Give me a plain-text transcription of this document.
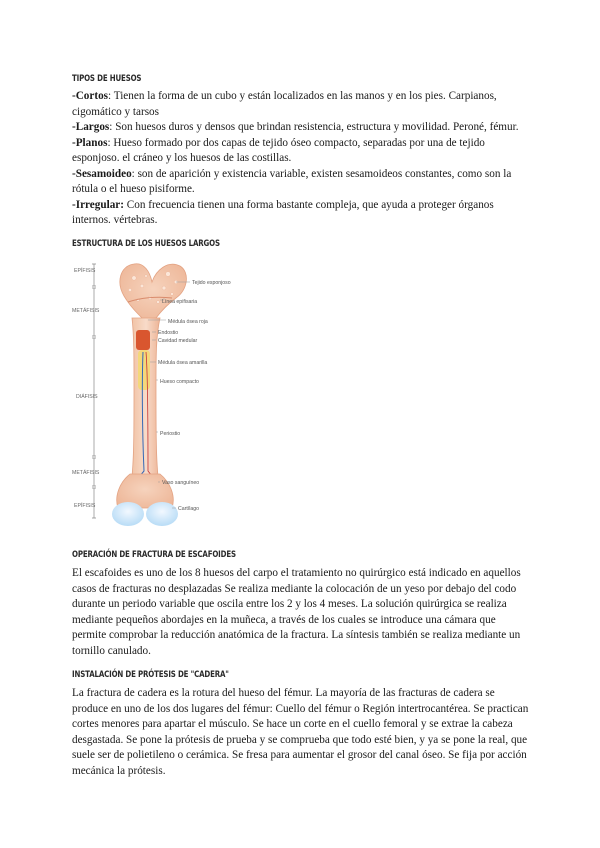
TIPOS DE HUESOS
-Cortos: Tienen la forma de un cubo y están localizados en las manos y en los pies. Carpianos, cigomático y tarsos
-Largos: Son huesos duros y densos que brindan resistencia, estructura y movilidad. Peroné, fémur.
-Planos: Hueso formado por dos capas de tejido óseo compacto, separadas por una de tejido esponjoso. el cráneo y los huesos de las costillas.
-Sesamoideo: son de aparición y existencia variable, existen sesamoideos constantes, como son la rótula o el hueso pisiforme.
-Irregular: Con frecuencia tienen una forma bastante compleja, que ayuda a proteger órganos internos. vértebras.
ESTRUCTURA DE LOS HUESOS LARGOS
EPÍFISIS
METÁFISIS
DIÁFISIS
METÁFISIS
EPÍFISIS
Tejido esponjoso
Línea epifisaria
Médula ósea roja
Endostio
Cavidad medular
Médula ósea amarilla
Hueso compacto
Periostio
Vaso sanguíneo
Cartílago
OPERACIÓN DE FRACTURA DE ESCAFOIDES

El escafoides es uno de los 8 huesos del carpo el tratamiento no quirúrgico está indicado en aquellos casos de fracturas no desplazadas Se realiza mediante la colocación de un yeso por debajo del codo durante un periodo variable que oscila entre los 2 y los 4 meses. La solución quirúrgica se realiza mediante pequeños abordajes en la muñeca, a través de los cuales se introduce una cámara que permite comprobar la reducción anatómica de la fractura. La síntesis también se realiza mediante un tornillo canulado.

INSTALACIÓN DE PRÓTESIS DE "CADERA"

La fractura de cadera es la rotura del hueso del fémur. La mayoría de las fracturas de cadera se produce en uno de los dos lugares del fémur: Cuello del fémur o Región intertrocantérea. Se practican cortes menores para apartar el músculo. Se hace un corte en el cuello femoral y se extrae la cabeza desgastada. Se pone la prótesis de prueba y se comprueba que todo esté bien, y ya se pone la real, que suele ser de polietileno o cerámica. Se fresa para aumentar el grosor del canal óseo. Se fija por acción mecánica la prótesis.
